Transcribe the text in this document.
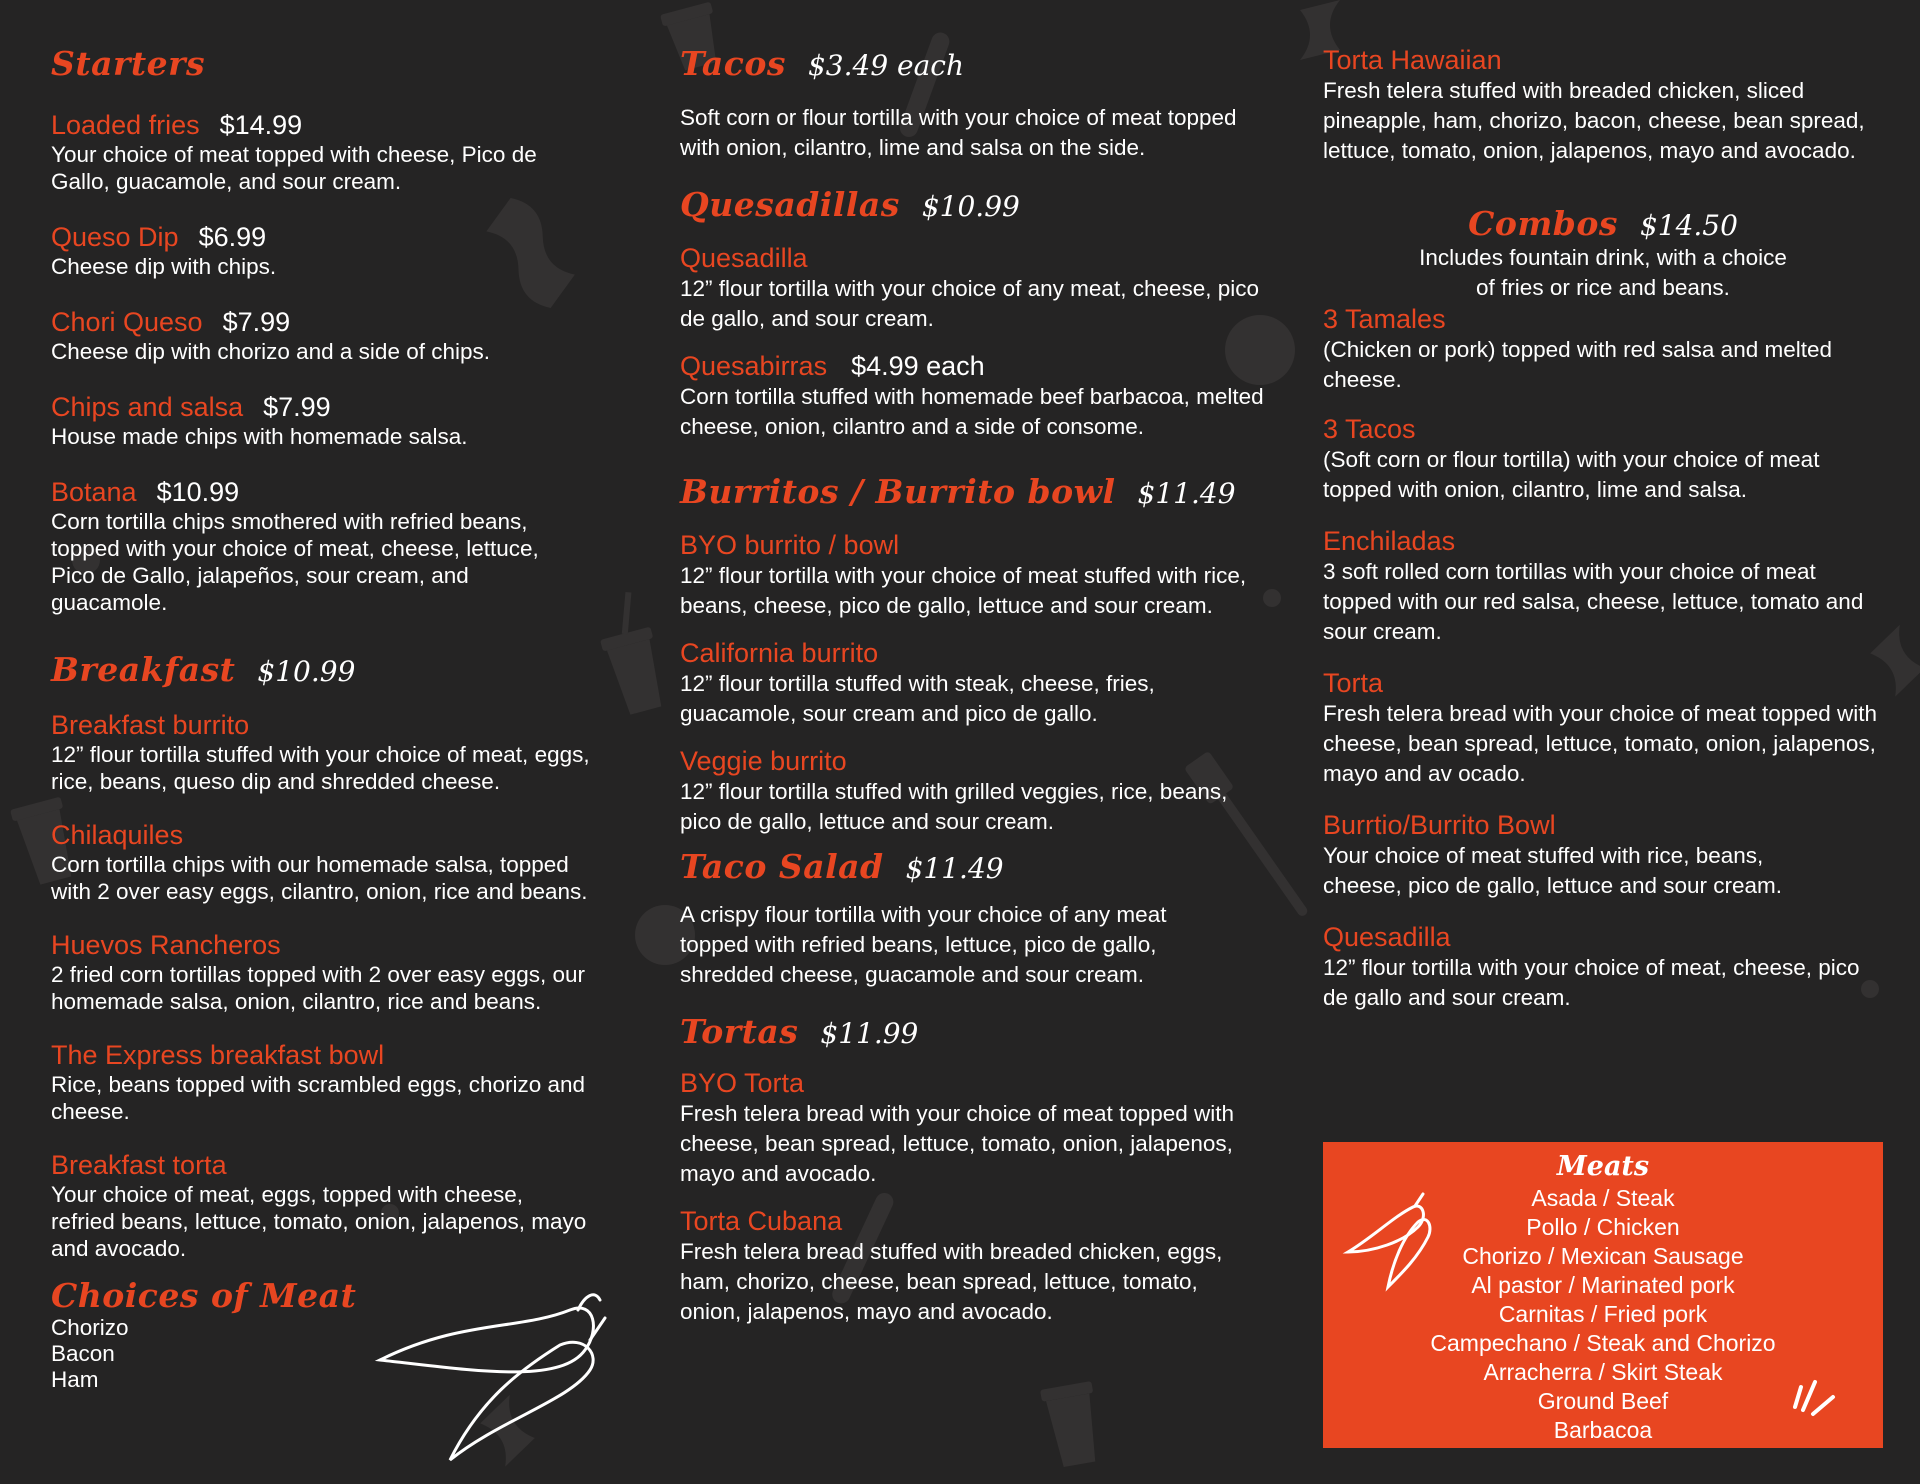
Starters
Loaded fries $14.99
Your choice of meat topped with cheese, Pico de Gallo, guacamole, and sour cream.
Queso Dip $6.99
Cheese dip with chips.
Chori Queso $7.99
Cheese dip with chorizo and a side of chips.
Chips and salsa $7.99
House made chips with homemade salsa.
Botana $10.99
Corn tortilla chips smothered with refried beans, topped with your choice of meat, cheese, lettuce, Pico de Gallo, jalapeños, sour cream, and guacamole.
Breakfast $10.99
Breakfast burrito
12” flour tortilla stuffed with your choice of meat, eggs, rice, beans, queso dip and shredded cheese.
Chilaquiles
Corn tortilla chips with our homemade salsa, topped with 2 over easy eggs, cilantro, onion, rice and beans.
Huevos Rancheros
2 fried corn tortillas topped with 2 over easy eggs, our homemade salsa, onion, cilantro, rice and beans.
The Express breakfast bowl
Rice, beans topped with scrambled eggs, chorizo and cheese.
Breakfast torta
Your choice of meat, eggs, topped with cheese, refried beans, lettuce, tomato, onion, jalapenos, mayo and avocado.
Choices of Meat
Chorizo
Bacon
Ham
Tacos $3.49 each
Soft corn or flour tortilla with your choice of meat topped with onion, cilantro, lime and salsa on the side.
Quesadillas $10.99
Quesadilla
12” flour tortilla with your choice of any meat, cheese, pico de gallo, and sour cream.
Quesabirras $4.99 each
Corn tortilla stuffed with homemade beef barbacoa, melted cheese, onion, cilantro and a side of consome.
Burritos / Burrito bowl $11.49
BYO burrito / bowl
12” flour tortilla with your choice of meat stuffed with rice, beans, cheese, pico de gallo, lettuce and sour cream.
California burrito
12” flour tortilla stuffed with steak, cheese, fries, guacamole, sour cream and pico de gallo.
Veggie burrito
12” flour tortilla stuffed with grilled veggies, rice, beans, pico de gallo, lettuce and sour cream.
Taco Salad $11.49
A crispy flour tortilla with your choice of any meat topped with refried beans, lettuce, pico de gallo, shredded cheese, guacamole and sour cream.
Tortas $11.99
BYO Torta
Fresh telera bread with your choice of meat topped with cheese, bean spread, lettuce, tomato, onion, jalapenos, mayo and avocado.
Torta Cubana
Fresh telera bread stuffed with breaded chicken, eggs, ham, chorizo, cheese, bean spread, lettuce, tomato, onion, jalapenos, mayo and avocado.
Torta Hawaiian
Fresh telera stuffed with breaded chicken, sliced pineapple, ham, chorizo, bacon, cheese, bean spread, lettuce, tomato, onion, jalapenos, mayo and avocado.
Combos $14.50
Includes fountain drink, with a choice
of fries or rice and beans.
3 Tamales
(Chicken or pork) topped with red salsa and melted cheese.
3 Tacos
(Soft corn or flour tortilla) with your choice of meat topped with onion, cilantro, lime and salsa.
Enchiladas
3 soft rolled corn tortillas with your choice of meat topped with our red salsa, cheese, lettuce, tomato and sour cream.
Torta
Fresh telera bread with your choice of meat topped with cheese, bean spread, lettuce, tomato, onion, jalapenos, mayo and av ocado.
Burrtio/Burrito Bowl
Your choice of meat stuffed with rice, beans, cheese, pico de gallo, lettuce and sour cream.
Quesadilla
12” flour tortilla with your choice of meat, cheese, pico de gallo and sour cream.
Meats
Asada / Steak
Pollo / Chicken
Chorizo / Mexican Sausage
Al pastor / Marinated pork
Carnitas / Fried pork
Campechano / Steak and Chorizo
Arracherra / Skirt Steak
Ground Beef
Barbacoa
